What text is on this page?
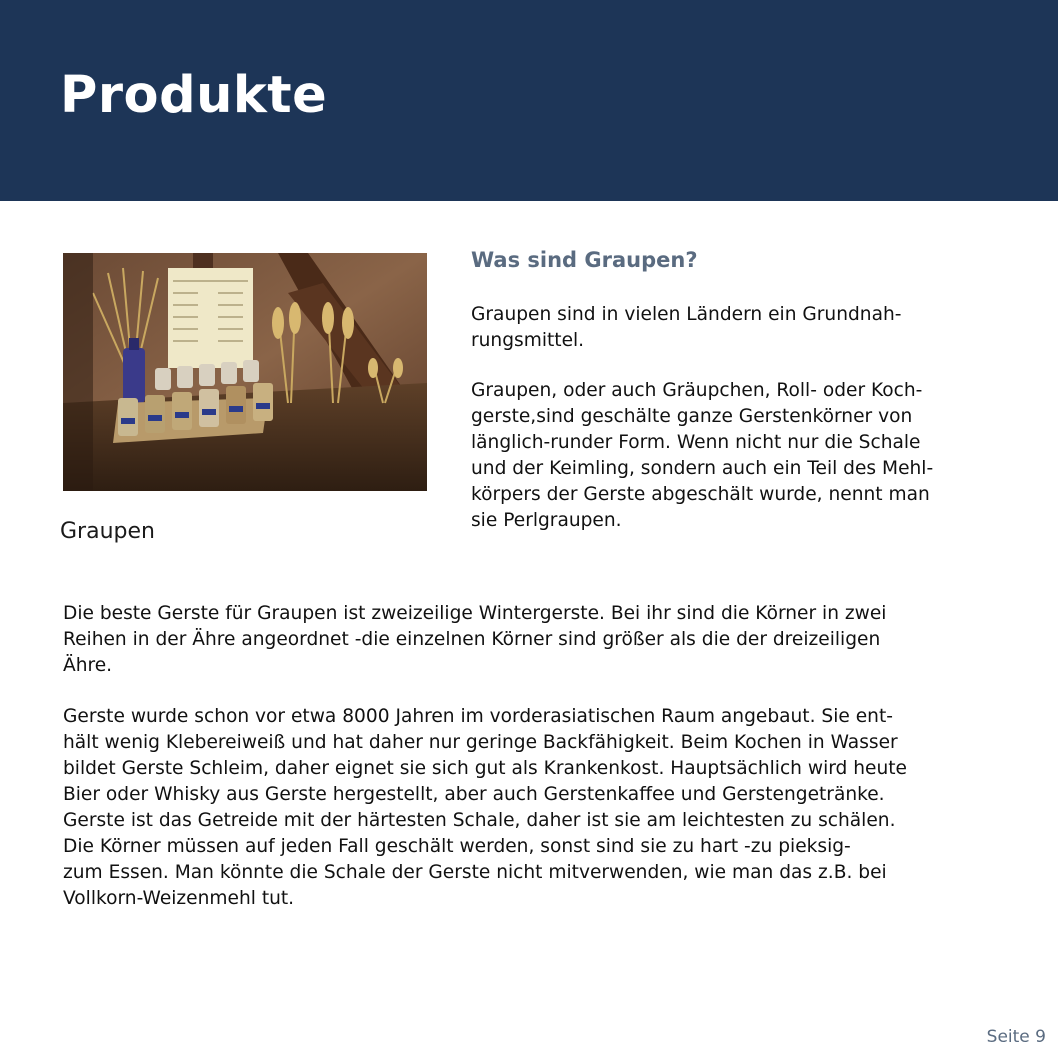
Produkte
Graupen
Was sind Graupen?

Graupen sind in vielen Ländern ein Grundnah-
rungsmittel.

Graupen, oder auch Gräupchen, Roll- oder Koch-
gerste,sind geschälte ganze Gerstenkörner von
länglich-runder Form. Wenn nicht nur die Schale
und der Keimling, sondern auch ein Teil des Mehl-
körpers der Gerste abgeschält wurde, nennt man
sie Perlgraupen.

Die beste Gerste für Graupen ist zweizeilige Wintergerste. Bei ihr sind die Körner in zwei
Reihen in der Ähre angeordnet -die einzelnen Körner sind größer als die der dreizeiligen
Ähre.

Gerste wurde schon vor etwa 8000 Jahren im vorderasiatischen Raum angebaut. Sie ent-
hält wenig Klebereiweiß und hat daher nur geringe Backfähigkeit. Beim Kochen in Wasser
bildet Gerste Schleim, daher eignet sie sich gut als Krankenkost. Hauptsächlich wird heute
Bier oder Whisky aus Gerste hergestellt, aber auch Gerstenkaffee und Gerstengetränke.
Gerste ist das Getreide mit der härtesten Schale, daher ist sie am leichtesten zu schälen.
Die Körner müssen auf jeden Fall geschält werden, sonst sind sie zu hart -zu pieksig-
zum Essen. Man könnte die Schale der Gerste nicht mitverwenden, wie man das z.B. bei
Vollkorn-Weizenmehl tut.

Seite 9
